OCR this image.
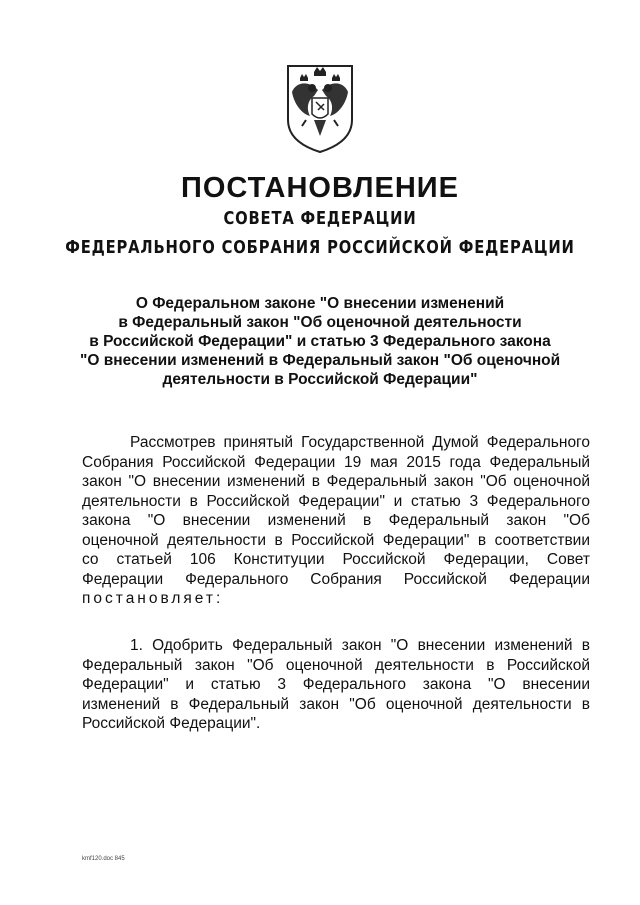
ПОСТАНОВЛЕНИЕ
СОВЕТА ФЕДЕРАЦИИ
ФЕДЕРАЛЬНОГО СОБРАНИЯ РОССИЙСКОЙ ФЕДЕРАЦИИ
О Федеральном законе "О внесении изменений
в Федеральный закон "Об оценочной деятельности
в Российской Федерации" и статью 3 Федерального закона
"О внесении изменений в Федеральный закон "Об оценочной
деятельности в Российской Федерации"
Рассмотрев принятый Государственной Думой Федерального
Собрания Российской Федерации 19 мая 2015 года Федеральный
закон "О внесении изменений в Федеральный закон "Об оценочной
деятельности в Российской Федерации" и статью 3 Федерального
закона "О внесении изменений в Федеральный закон "Об
оценочной деятельности в Российской Федерации" в соответствии
со статьей 106 Конституции Российской Федерации, Совет
Федерации Федерального Собрания Российской Федерации
постановляет:
1. Одобрить Федеральный закон "О внесении изменений в
Федеральный закон "Об оценочной деятельности в Российской
Федерации" и статью 3 Федерального закона "О внесении
изменений в Федеральный закон "Об оценочной деятельности в
Российской Федерации".
kmf120.doc 845
